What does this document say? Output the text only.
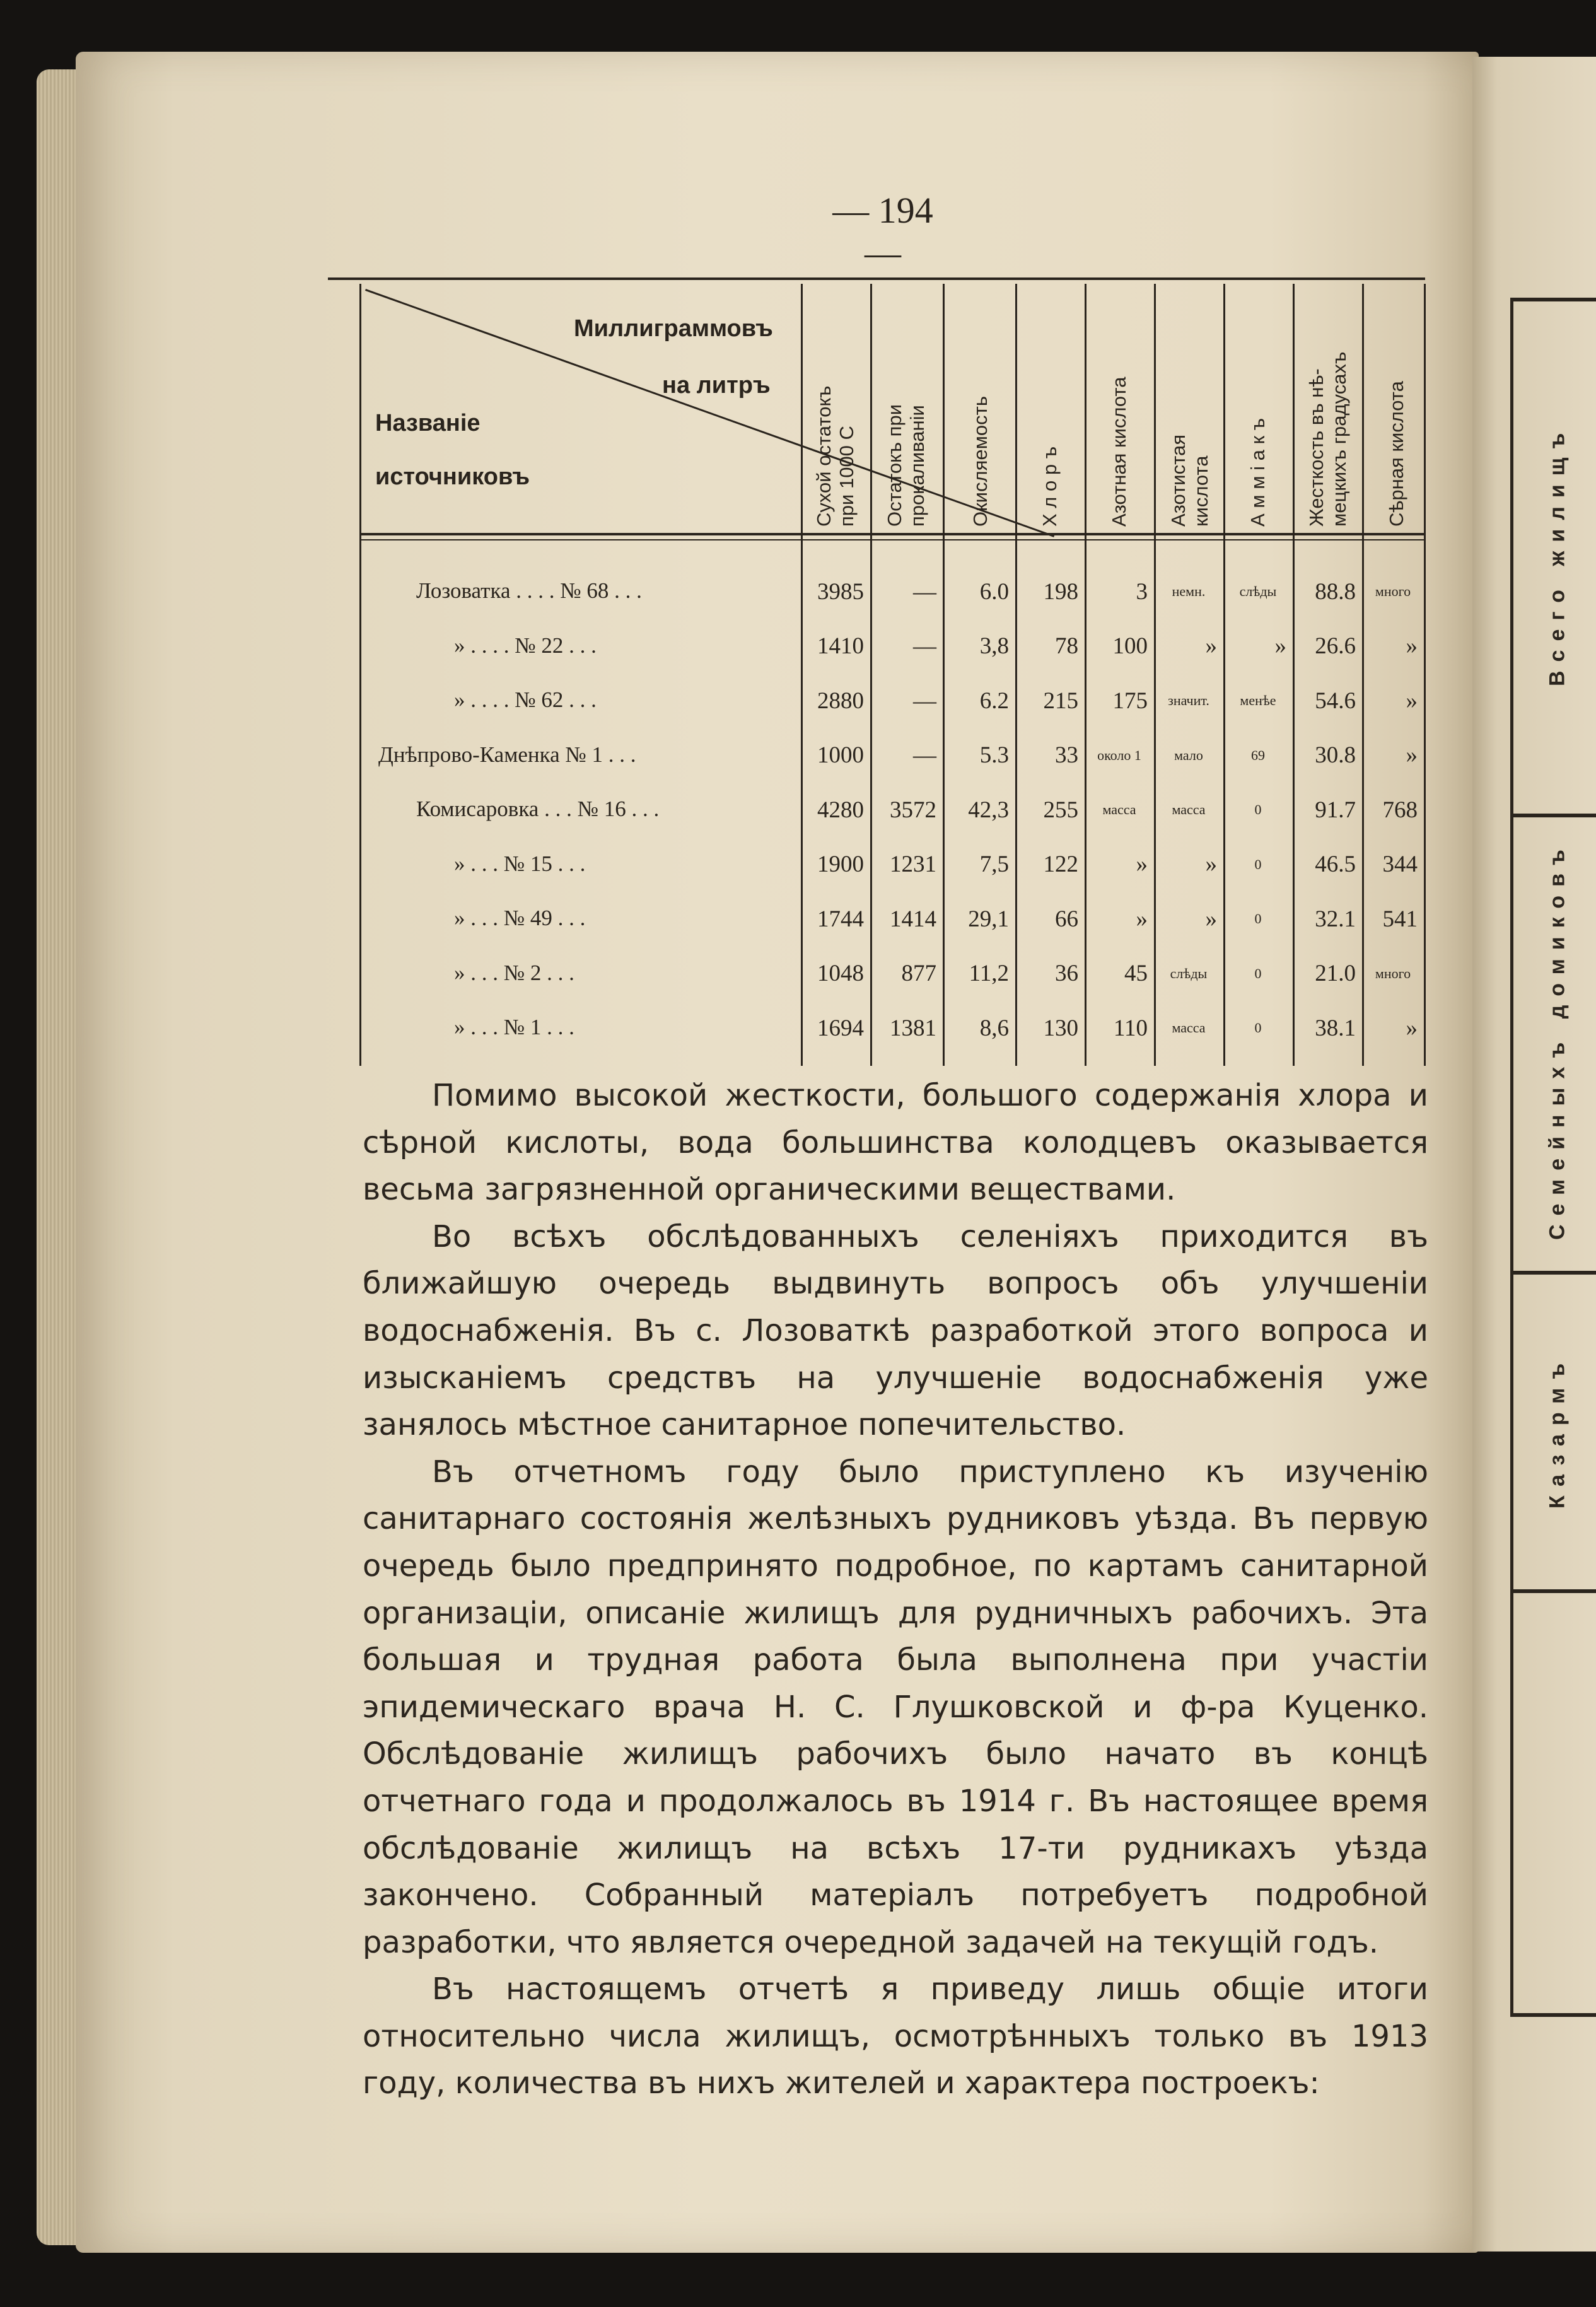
Всего жилищъ
Семейныхъ домиковъ
Казармъ
— 194 —
Миллиграммовъ
на литръ
Названіе
источниковъ	Сухой остатокъ
при 1000 С
Остатокъ при
прокаливаніи	Окисляемость	Х л о р ъ	Азотная кислота	Азотистая
кислота	А м м і а к ъ	Жесткость въ нѣ-
мецкихъ градусахъ	Сѣрная кислота
Лозоватка . . . . № 68 . . .	3985	—	6.0	198	3	немн.	слѣды	88.8	много
» . . . . № 22 . . .	1410	—	3,8	78	100	»	»	26.6	»
» . . . . № 62 . . .	2880	—	6.2	215	175	значит.	менѣе	54.6	»
Днѣпрово-Каменка № 1 . . .	1000	—	5.3	33	около 1	мало	69	30.8	»
Комисаровка . . . № 16 . . .	4280	3572	42,3	255	масса	масса	0	91.7	768
» . . . № 15 . . .	1900	1231	7,5	122	»	»	0	46.5	344
» . . . № 49 . . .	1744	1414	29,1	66	»	»	0	32.1	541
» . . . № 2 . . .	1048	877	11,2	36	45	слѣды	0	21.0	много
» . . . № 1 . . .	1694	1381	8,6	130	110	масса	0	38.1	»

Помимо высокой жесткости, большого содержанія хлора и сѣрной кислоты, вода большинства колодцевъ оказывается весьма загрязненной органическими веществами.

Во всѣхъ обслѣдованныхъ селеніяхъ приходится въ ближайшую очередь выдвинуть вопросъ объ улучшеніи водоснабженія. Въ с. Лозоваткѣ разработкой этого вопроса и изысканіемъ средствъ на улучшеніе водоснабженія уже занялось мѣстное санитарное попечительство.

Въ отчетномъ году было приступлено къ изученію санитарнаго состоянія желѣзныхъ рудниковъ уѣзда. Въ первую очередь было предпринято подробное, по картамъ санитарной организаціи, описаніе жилищъ для рудничныхъ рабочихъ. Эта большая и трудная работа была выполнена при участіи эпидемическаго врача Н. С. Глушковской и ф-ра Куценко. Обслѣдованіе жилищъ рабочихъ было начато въ концѣ отчетнаго года и продолжалось въ 1914 г. Въ настоящее время обслѣдованіе жилищъ на всѣхъ 17-ти рудникахъ уѣзда закончено. Собранный матеріалъ потребуетъ подробной разработки, что является очередной задачей на текущій годъ.

Въ настоящемъ отчетѣ я приведу лишь общіе итоги относительно числа жилищъ, осмотрѣнныхъ только въ 1913 году, количества въ нихъ жителей и характера построекъ:
